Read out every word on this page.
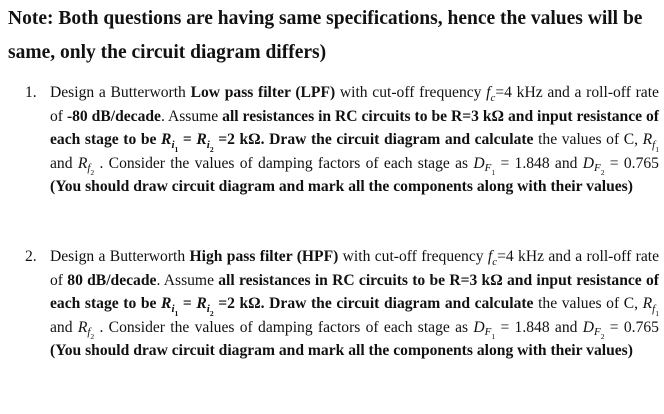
Note: Both questions are having same specifications, hence the values will be same, only the circuit diagram differs)
1. Design a Butterworth Low pass filter (LPF) with cut-off frequency $f_c=4$ kHz and a roll-off rate of -80 dB/decade. Assume all resistances in RC circuits to be R=3 kΩ and input resistance of each stage to be $R_{i_1} = R_{i_2} =2$ kΩ. Draw the circuit diagram and calculate the values of C, $R_{f_1}$ and $R_{f_2}$ . Consider the values of damping factors of each stage as $D_{F_1} = 1.848$ and $D_{F_2} = 0.765$ (You should draw circuit diagram and mark all the components along with their values)
2. Design a Butterworth High pass filter (HPF) with cut-off frequency $f_c=4$ kHz and a roll-off rate of 80 dB/decade. Assume all resistances in RC circuits to be R=3 kΩ and input resistance of each stage to be $R_{i_1} = R_{i_2} =2$ kΩ. Draw the circuit diagram and calculate the values of C, $R_{f_1}$ and $R_{f_2}$ . Consider the values of damping factors of each stage as $D_{F_1} = 1.848$ and $D_{F_2} = 0.765$ (You should draw circuit diagram and mark all the components along with their values)
